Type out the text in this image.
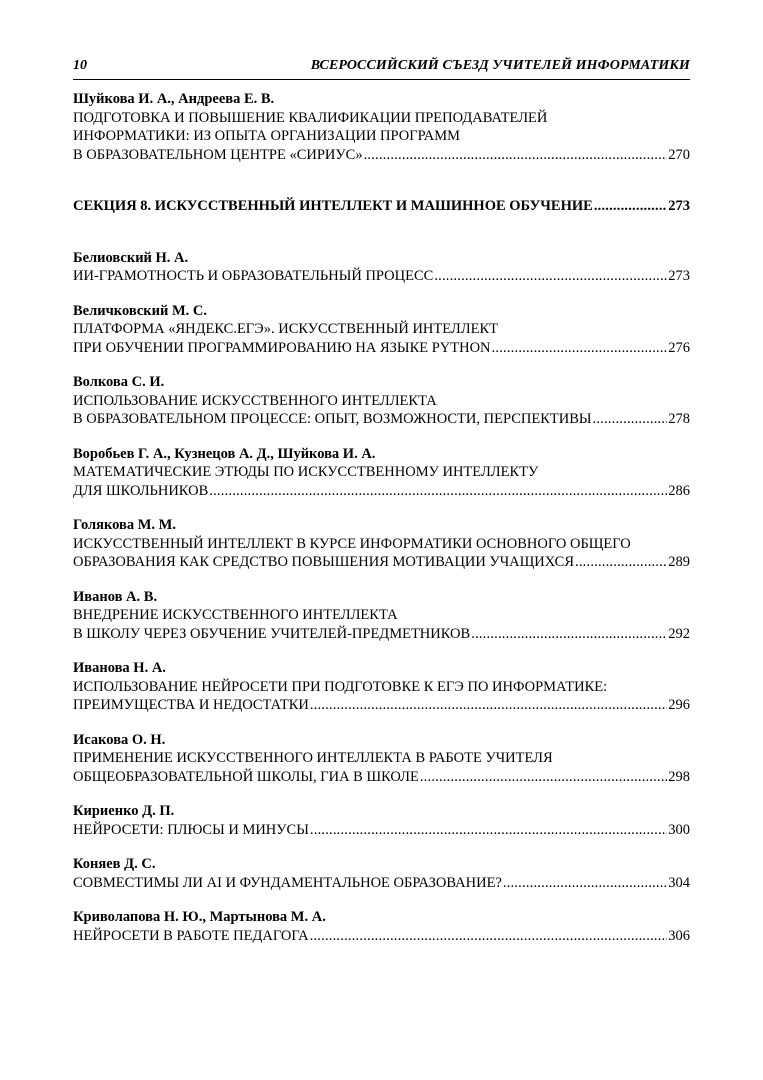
10	ВСЕРОССИЙСКИЙ СЪЕЗД УЧИТЕЛЕЙ ИНФОРМАТИКИ
Шуйкова И. А., Андреева Е. В.
ПОДГОТОВКА И ПОВЫШЕНИЕ КВАЛИФИКАЦИИ ПРЕПОДАВАТЕЛЕЙ
ИНФОРМАТИКИ: ИЗ ОПЫТА ОРГАНИЗАЦИИ ПРОГРАММ
В ОБРАЗОВАТЕЛЬНОМ ЦЕНТРЕ «СИРИУС» .....	270
СЕКЦИЯ 8. ИСКУССТВЕННЫЙ ИНТЕЛЛЕКТ И МАШИННОЕ ОБУЧЕНИЕ .....	273
Белиовский Н. А.
ИИ-ГРАМОТНОСТЬ И ОБРАЗОВАТЕЛЬНЫЙ ПРОЦЕСС .....	273
Величковский М. С.
ПЛАТФОРМА «ЯНДЕКС.ЕГЭ». ИСКУССТВЕННЫЙ ИНТЕЛЛЕКТ
ПРИ ОБУЧЕНИИ ПРОГРАММИРОВАНИЮ НА ЯЗЫКЕ PYTHON .....	276
Волкова С. И.
ИСПОЛЬЗОВАНИЕ ИСКУССТВЕННОГО ИНТЕЛЛЕКТА
В ОБРАЗОВАТЕЛЬНОМ ПРОЦЕССЕ: ОПЫТ, ВОЗМОЖНОСТИ, ПЕРСПЕКТИВЫ .....	278
Воробьев Г. А., Кузнецов А. Д., Шуйкова И. А.
МАТЕМАТИЧЕСКИЕ ЭТЮДЫ ПО ИСКУССТВЕННОМУ ИНТЕЛЛЕКТУ
ДЛЯ ШКОЛЬНИКОВ .....	286
Голякова М. М.
ИСКУССТВЕННЫЙ ИНТЕЛЛЕКТ В КУРСЕ ИНФОРМАТИКИ ОСНОВНОГО ОБЩЕГО
ОБРАЗОВАНИЯ КАК СРЕДСТВО ПОВЫШЕНИЯ МОТИВАЦИИ УЧАЩИХСЯ .....	289
Иванов А. В.
ВНЕДРЕНИЕ ИСКУССТВЕННОГО ИНТЕЛЛЕКТА
В ШКОЛУ ЧЕРЕЗ ОБУЧЕНИЕ УЧИТЕЛЕЙ-ПРЕДМЕТНИКОВ .....	292
Иванова Н. А.
ИСПОЛЬЗОВАНИЕ НЕЙРОСЕТИ ПРИ ПОДГОТОВКЕ К ЕГЭ ПО ИНФОРМАТИКЕ:
ПРЕИМУЩЕСТВА И НЕДОСТАТКИ .....	296
Исакова О. Н.
ПРИМЕНЕНИЕ ИСКУССТВЕННОГО ИНТЕЛЛЕКТА В РАБОТЕ УЧИТЕЛЯ
ОБЩЕОБРАЗОВАТЕЛЬНОЙ ШКОЛЫ, ГИА В ШКОЛЕ .....	298
Кириенко Д. П.
НЕЙРОСЕТИ: ПЛЮСЫ И МИНУСЫ .....	300
Коняев Д. С.
СОВМЕСТИМЫ ЛИ AI И ФУНДАМЕНТАЛЬНОЕ ОБРАЗОВАНИЕ? .....	304
Криволапова Н. Ю., Мартынова М. А.
НЕЙРОСЕТИ В РАБОТЕ ПЕДАГОГА .....	306
